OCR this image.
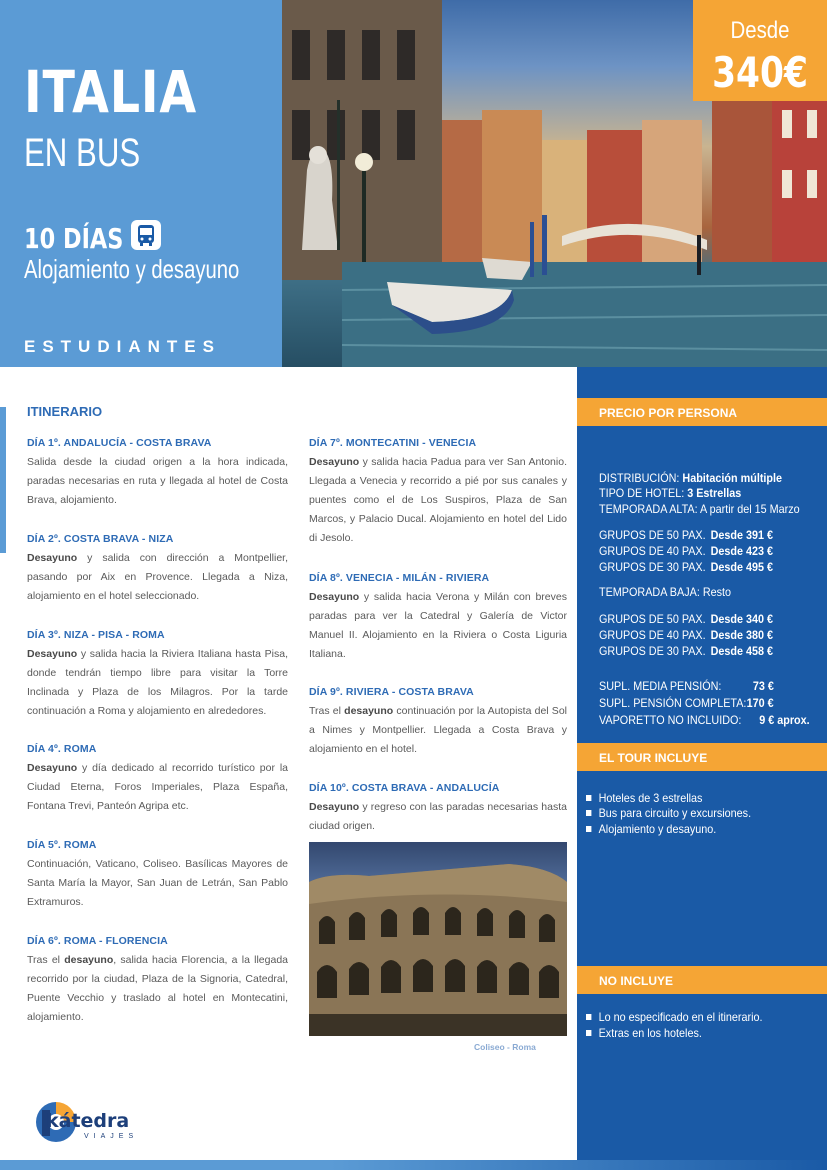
ITALIA
EN BUS
10 DÍAS
Alojamiento y desayuno
ESTUDIANTES
Desde
340€
ITINERARIO
DÍA 1º. ANDALUCÍA - COSTA BRAVA

Salida desde la ciudad origen a la hora indicada, paradas necesarias en ruta y llegada al hotel de Costa Brava, alojamiento.

DÍA 2º. COSTA BRAVA - NIZA

Desayuno y salida con dirección a Montpellier, pasando por Aix en Provence. Llegada a Niza, alojamiento en el hotel seleccionado.

DÍA 3º. NIZA - PISA - ROMA

Desayuno y salida hacia la Riviera Italiana hasta Pisa, donde tendrán tiempo libre para visitar la Torre Inclinada y Plaza de los Milagros. Por la tarde continuación a Roma y alojamiento en alrededores.

DÍA 4º. ROMA

Desayuno y día dedicado al recorrido turístico por la Ciudad Eterna, Foros Imperiales, Plaza España, Fontana Trevi, Panteón Agripa etc.

DÍA 5º. ROMA

Continuación, Vaticano, Coliseo. Basílicas Mayores de Santa María la Mayor, San Juan de Letrán, San Pablo Extramuros.

DÍA 6º. ROMA - FLORENCIA

Tras el desayuno, salida hacia Florencia, a la llegada recorrido por la ciudad, Plaza de la Signoria, Catedral, Puente Vecchio y traslado al hotel en Montecatini, alojamiento.

DÍA 7º. MONTECATINI - VENECIA

Desayuno y salida hacia Padua para ver San Antonio. Llegada a Venecia y recorrido a pié por sus canales y puentes como el de Los Suspiros, Plaza de San Marcos, y Palacio Ducal. Alojamiento en hotel del Lido di Jesolo.

DÍA 8º. VENECIA - MILÁN - RIVIERA

Desayuno y salida hacia Verona y Milán con breves paradas para ver la Catedral y Galería de Victor Manuel II. Alojamiento en la Riviera o Costa Liguria Italiana.

DÍA 9º. RIVIERA - COSTA BRAVA

Tras el desayuno continuación por la Autopista del Sol a Nimes y Montpellier. Llegada a Costa Brava y alojamiento en el hotel.

DÍA 10º. COSTA BRAVA - ANDALUCÍA

Desayuno y regreso con las paradas necesarias hasta ciudad origen.

Coliseo - Roma
PRECIO POR PERSONA
DISTRIBUCIÓN: Habitación múltiple
TIPO DE HOTEL: 3 Estrellas
TEMPORADA ALTA: A partir del 15 Marzo
GRUPOS DE 50 PAX. Desde 391 €
GRUPOS DE 40 PAX. Desde 423 €
GRUPOS DE 30 PAX. Desde 495 €
TEMPORADA BAJA: Resto
GRUPOS DE 50 PAX. Desde 340 €
GRUPOS DE 40 PAX. Desde 380 €
GRUPOS DE 30 PAX. Desde 458 €
SUPL. MEDIA PENSIÓN:	73 €
SUPL. PENSIÓN COMPLETA: 170 €
VAPORETTO NO INCLUIDO: 9 € aprox.
EL TOUR INCLUYE
Hoteles de 3 estrellas
Bus para circuito y excursiones.
Alojamiento y desayuno.
NO INCLUYE
Lo no especificado en el itinerario.
Extras en los hoteles.
kátedra
VIAJES
